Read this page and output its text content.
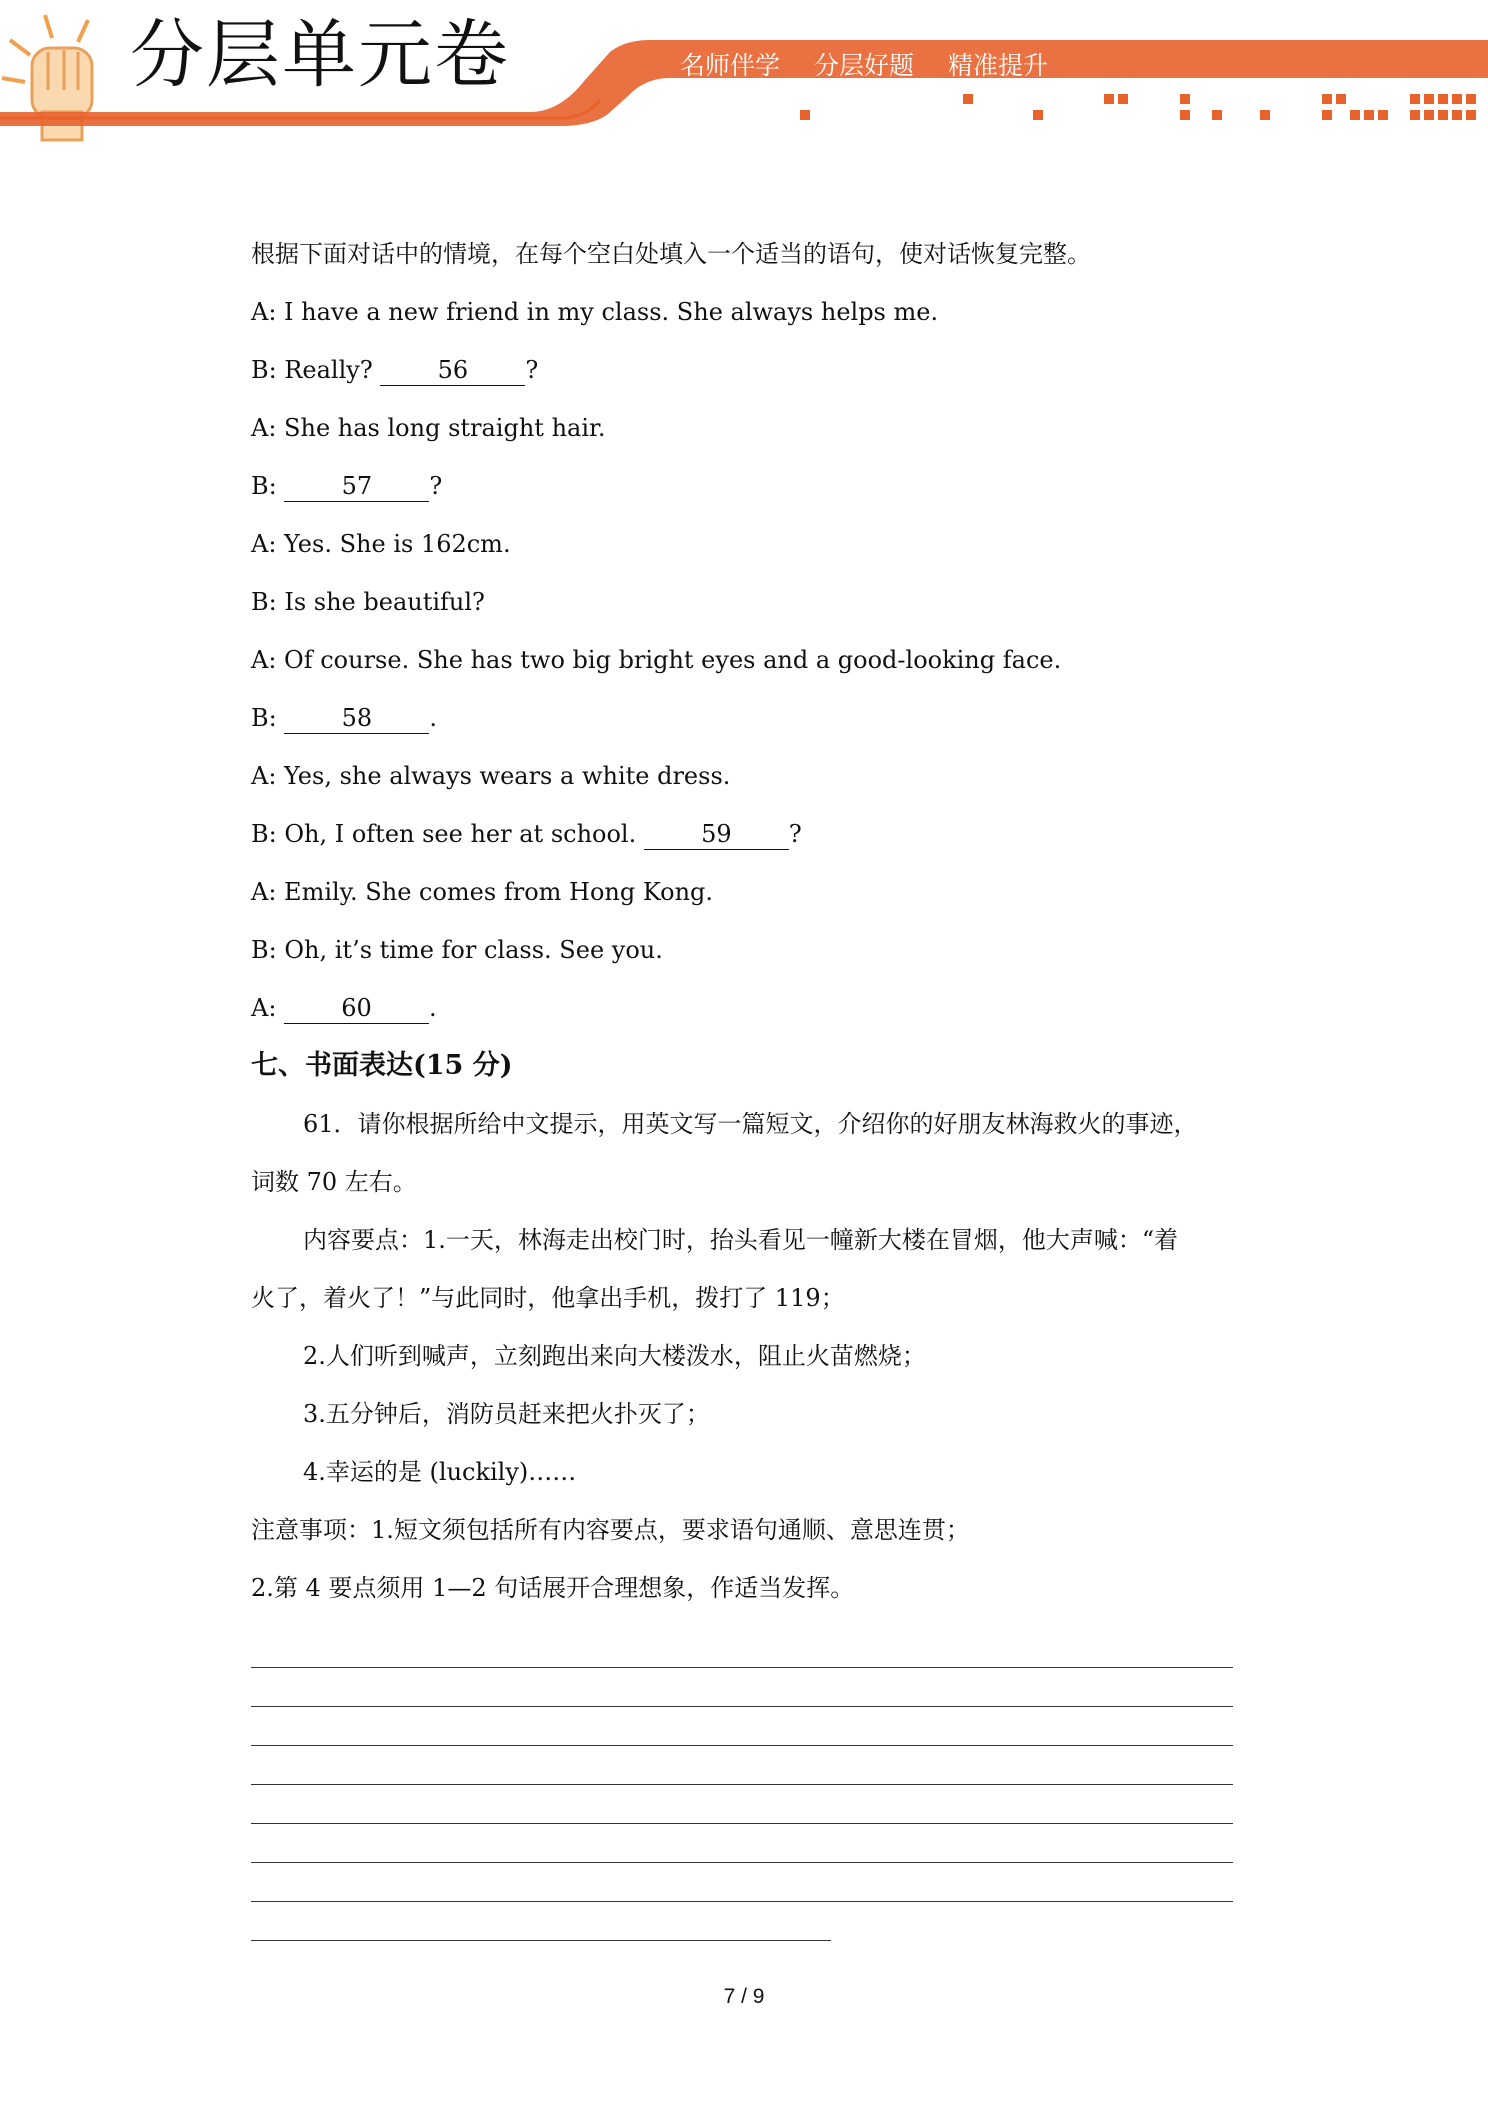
分层单元卷	名师伴学 分层好题 精准提升
根据下面对话中的情境，在每个空白处填入一个适当的语句，使对话恢复完整。
A: I have a new friend in my class. She always helps me.
B: Really? 56 ?
A: She has long straight hair.
B: 57 ?
A: Yes. She is 162cm.
B: Is she beautiful?
A: Of course. She has two big bright eyes and a good-looking face.
B: 58 .
A: Yes, she always wears a white dress.
B: Oh, I often see her at school. 59 ?
A: Emily. She comes from Hong Kong.
B: Oh, it’s time for class. See you.
A: 60 .
七、书面表达(15 分)
61．请你根据所给中文提示，用英文写一篇短文，介绍你的好朋友林海救火的事迹，
词数 70 左右。
内容要点：1.一天，林海走出校门时，抬头看见一幢新大楼在冒烟，他大声喊：“着
火了，着火了！”与此同时，他拿出手机，拨打了 119；
2.人们听到喊声，立刻跑出来向大楼泼水，阻止火苗燃烧；
3.五分钟后，消防员赶来把火扑灭了；
4.幸运的是 (luckily)……
注意事项：1.短文须包括所有内容要点，要求语句通顺、意思连贯；
2.第 4 要点须用 1—2 句话展开合理想象，作适当发挥。
7 / 9
